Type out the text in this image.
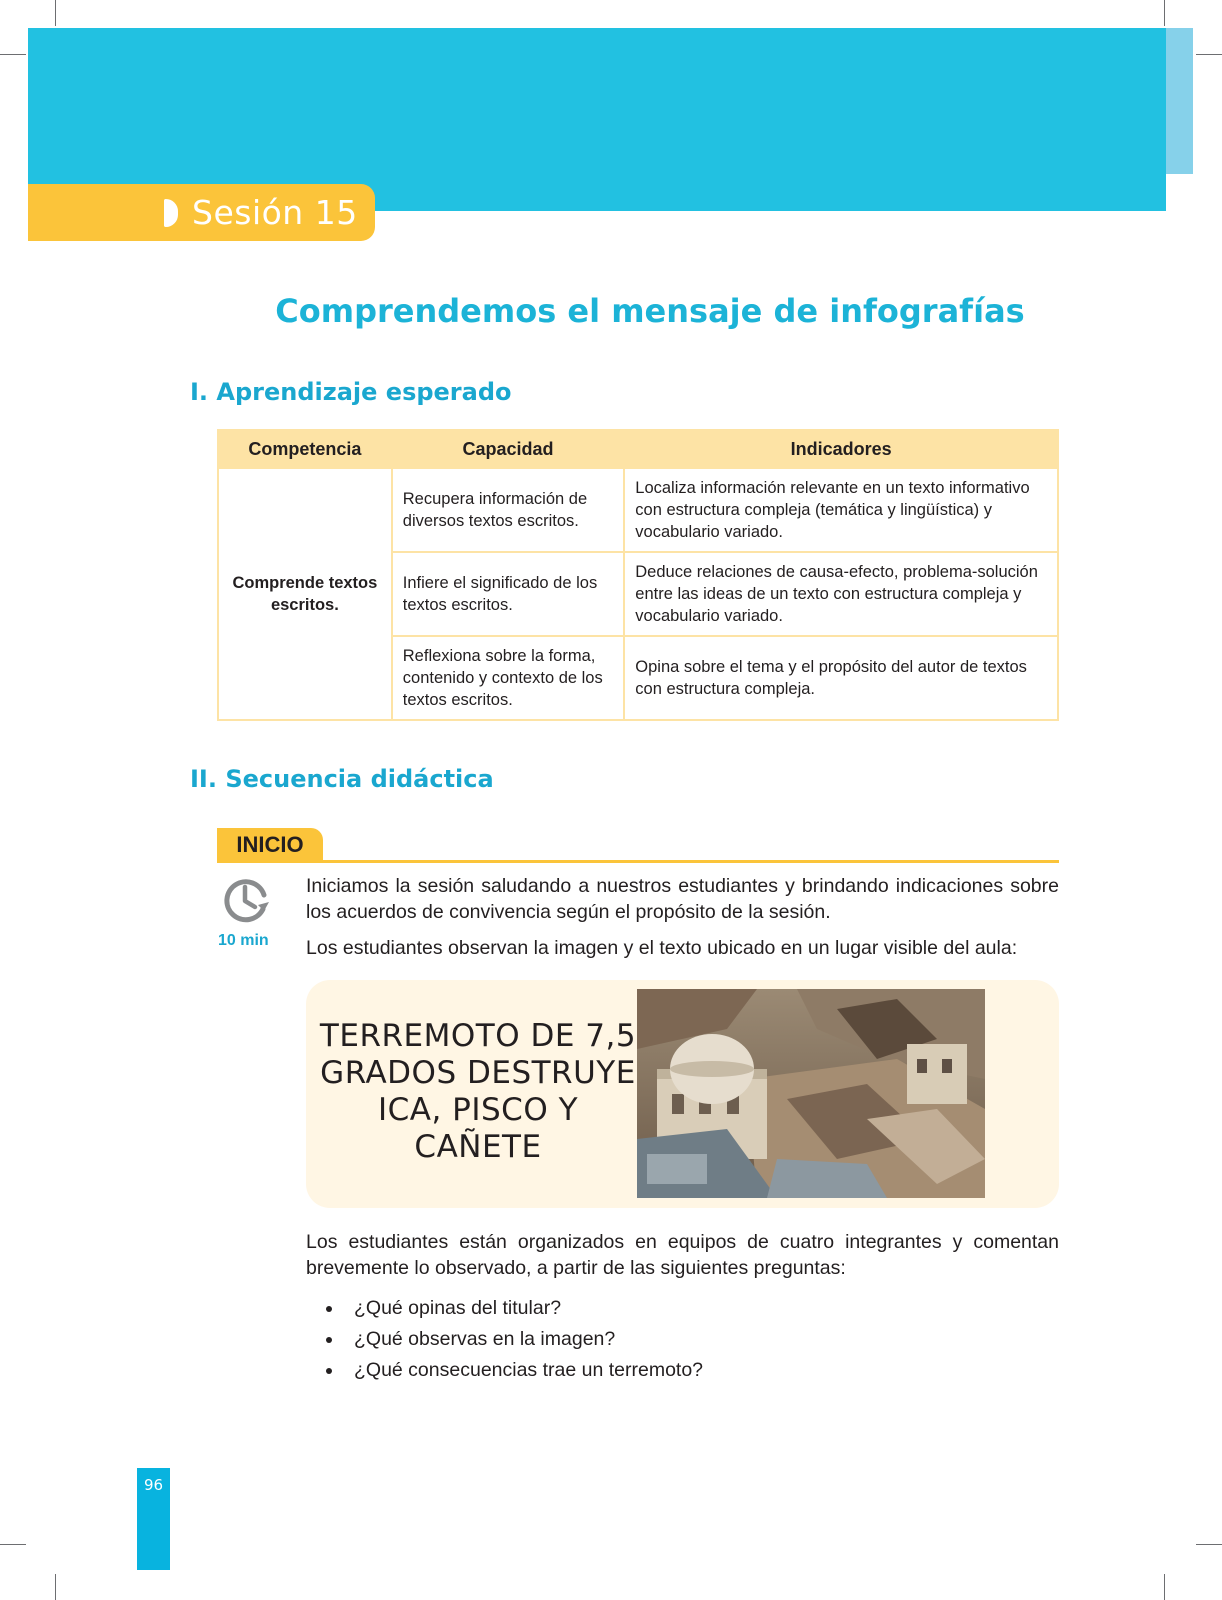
Sesión 15
Comprendemos el mensaje de infografías
I. Aprendizaje esperado
Competencia	Capacidad	Indicadores
Comprende textos escritos.	Recupera información de diversos textos escritos.	Localiza información relevante en un texto informativo con estructura compleja (temática y lingüística) y vocabulario variado.
	Infiere el significado de los textos escritos.	Deduce relaciones de causa-efecto, problema-solución entre las ideas de un texto con estructura compleja y vocabulario variado.
	Reflexiona sobre la forma, contenido y contexto de los textos escritos.	Opina sobre el tema y el propósito del autor de textos con estructura compleja.
II. Secuencia didáctica
INICIO
10 min
Iniciamos la sesión saludando a nuestros estudiantes y brindando indicaciones sobre los acuerdos de convivencia según el propósito de la sesión.
Los estudiantes observan la imagen y el texto ubicado en un lugar visible del aula:
TERREMOTO DE 7,5 GRADOS DESTRUYE ICA, PISCO Y CAÑETE
Los estudiantes están organizados en equipos de cuatro integrantes y comentan brevemente lo observado, a partir de las siguientes preguntas:
¿Qué opinas del titular?
¿Qué observas en la imagen?
¿Qué consecuencias trae un terremoto?
96
